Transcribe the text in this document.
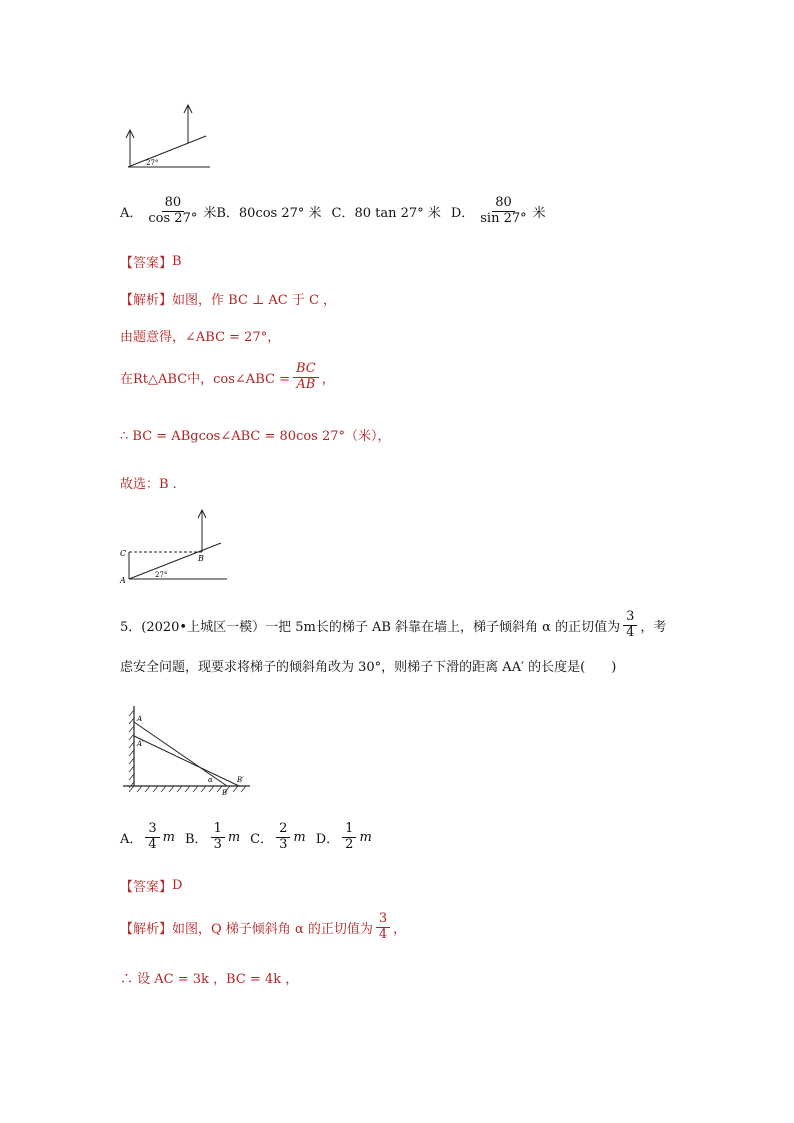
27°
A． $\frac{80}{\cos 27^\circ}$ 米 B．80cos 27° 米 C．80 tan 27° 米 D． $\frac{80}{\sin 27^\circ}$ 米
【答案】 B
【解析】 如图，作 BC ⊥ AC 于 C ，
由题意得，∠ABC = 27°，
在Rt△ABC中，cos∠ABC = $\frac{BC}{AB}$ ，
∴ BC = ABgcos∠ABC = 80cos 27°（米），
故选：B .
C
B
A
27°
5．(2020•上城区一模）一把 5m长的梯子 AB 斜靠在墙上，梯子倾斜角 α 的正切值为 $\frac{3}{4}$ ，考
虑安全问题，现要求将梯子的倾斜角改为 30°，则梯子下滑的距离 AA′ 的长度是(　　)
A
A′
α	B′
B
A． $\frac{3}{4}$ m B． $\frac{1}{3}$ m C． $\frac{2}{3}$ m D． $\frac{1}{2}$ m
【答案】 D
【解析】 如图，Q 梯子倾斜角 α 的正切值为 $\frac{3}{4}$ ，
∴ 设 AC = 3k ，BC = 4k ，
